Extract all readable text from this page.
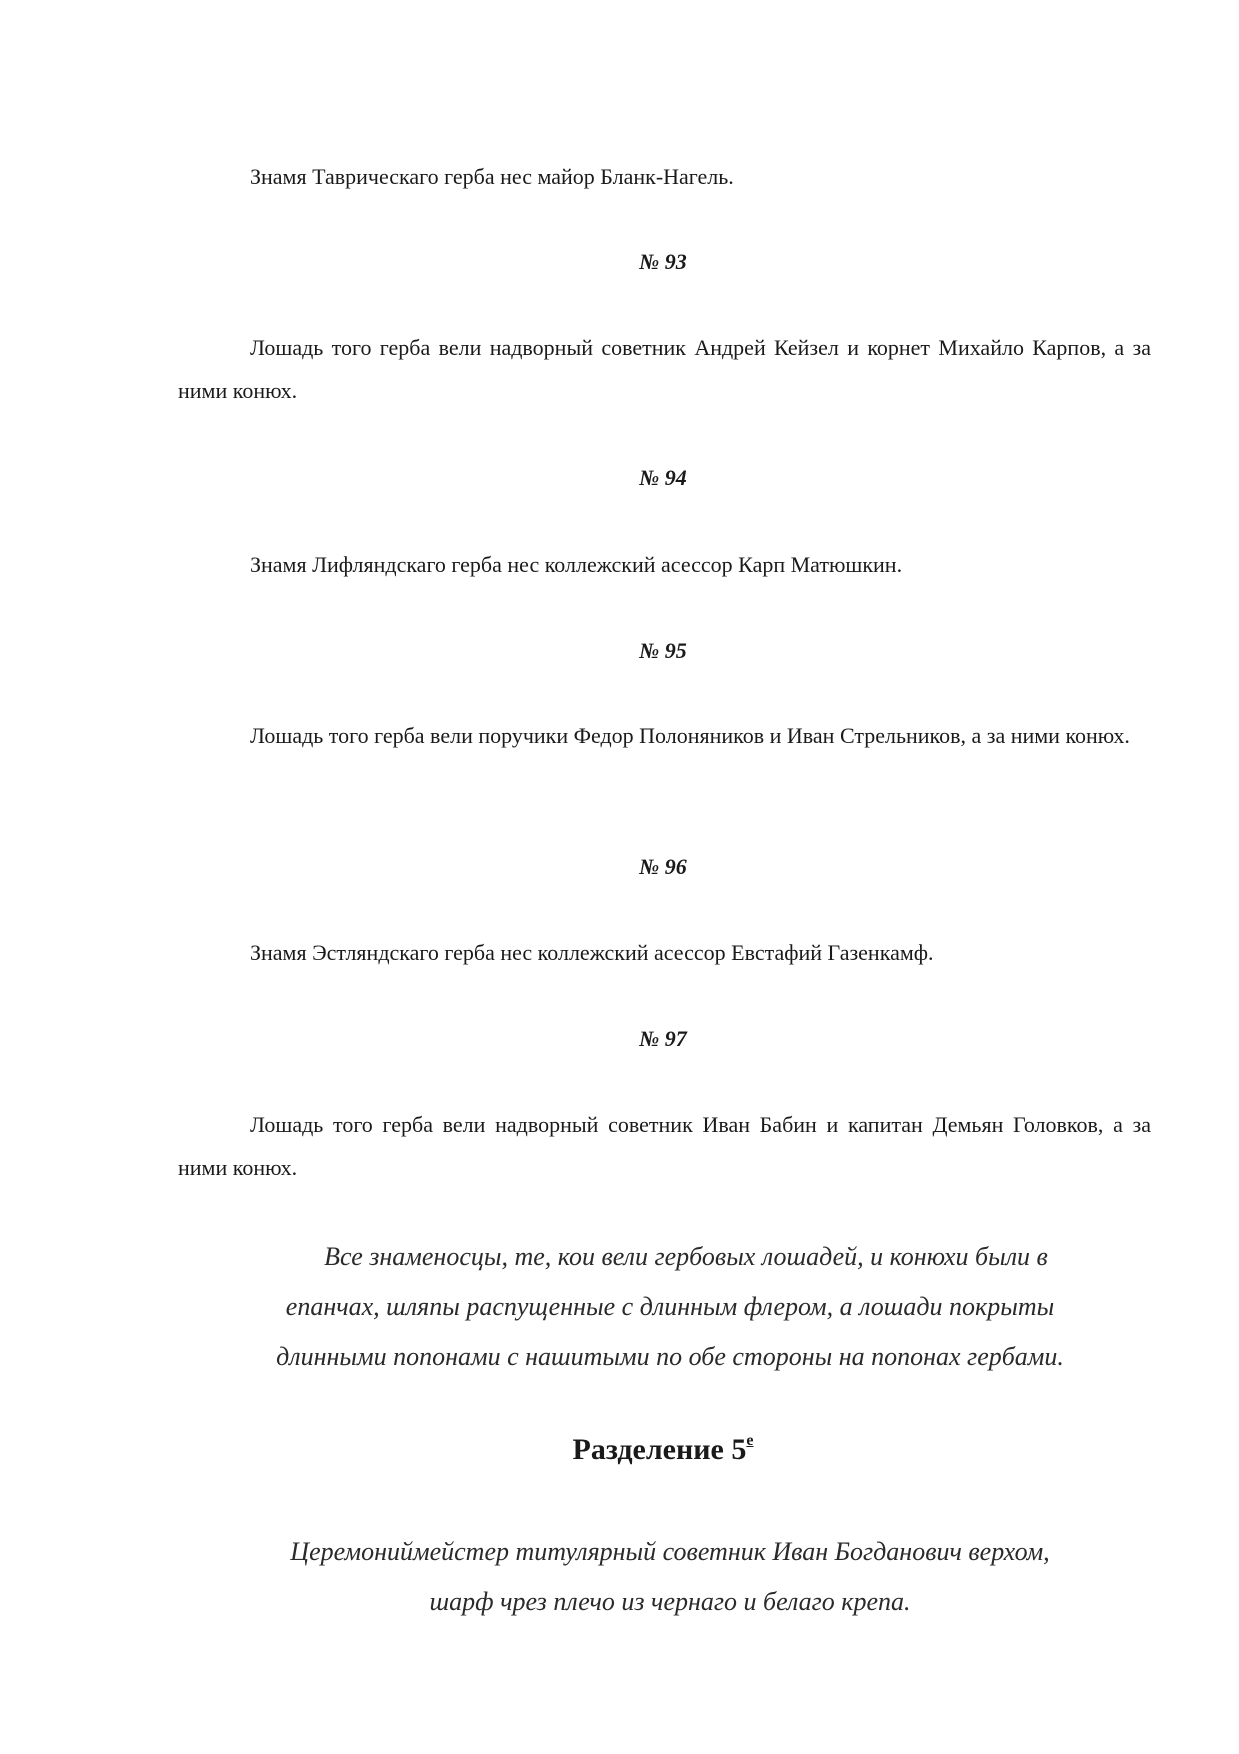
Знамя Таврическаго герба нес майор Бланк-Нагель.

№ 93

Лошадь того герба вели надворный советник Андрей Кейзел и корнет Михайло Карпов, а за ними конюх.

№ 94

Знамя Лифляндскаго герба нес коллежский асессор Карп Матюшкин.

№ 95

Лошадь того герба вели поручики Федор Полоняников и Иван Стрельников, а за ними конюх.

№ 96

Знамя Эстляндскаго герба нес коллежский асессор Евстафий Газенкамф.

№ 97

Лошадь того герба вели надворный советник Иван Бабин и капитан Демьян Головков, а за ними конюх.

Все знаменосцы, те, кои вели гербовых лошадей, и конюхи были в
епанчах, шляпы распущенные с длинным флером, а лошади покрыты
длинными попонами с нашитыми по обе стороны на попонах гербами.

Разделение $5^е$

Церемониймейстер титулярный советник Иван Богданович верхом,
шарф чрез плечо из чернаго и белаго крепа.
